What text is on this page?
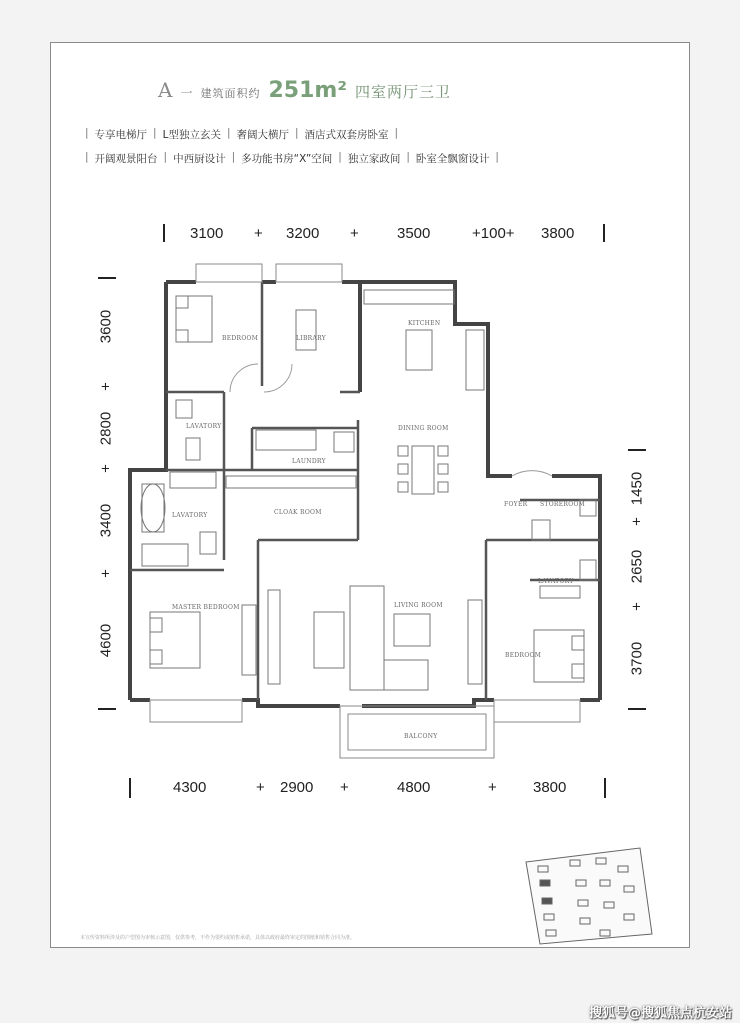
A 一 建筑面积约 251m² 四室两厅三卫
| 专享电梯厅 | L型独立玄关 | 奢阔大横厅 | 酒店式双套房卧室 |
| 开阔观景阳台 | 中西厨设计 | 多功能书房“X”空间 | 独立家政间 | 卧室全飘窗设计 |
3100 + 3200 +	3500	+100+ 3800
4300	+ 2900 +	4800	+ 3800
3600
+
2800
+
3400
+
4600
1450
+
2650
+
3700
BEDROOM	LIBRARY
KITCHEN
LAVATORY	DINING ROOM
LAUNDRY
LAVATORY	CLOAK ROOM
FOYER STOREROOM
LAVATORY
MASTER BEDROOM	LIVING ROOM
BEDROOM
BALCONY
本宣传资料所涉及的户型图为审核示意图，仅供参考，不作为要约或销售承诺，具体以政府最终审定的图纸和销售合同为准。
搜狐号@搜狐焦点杭安站
